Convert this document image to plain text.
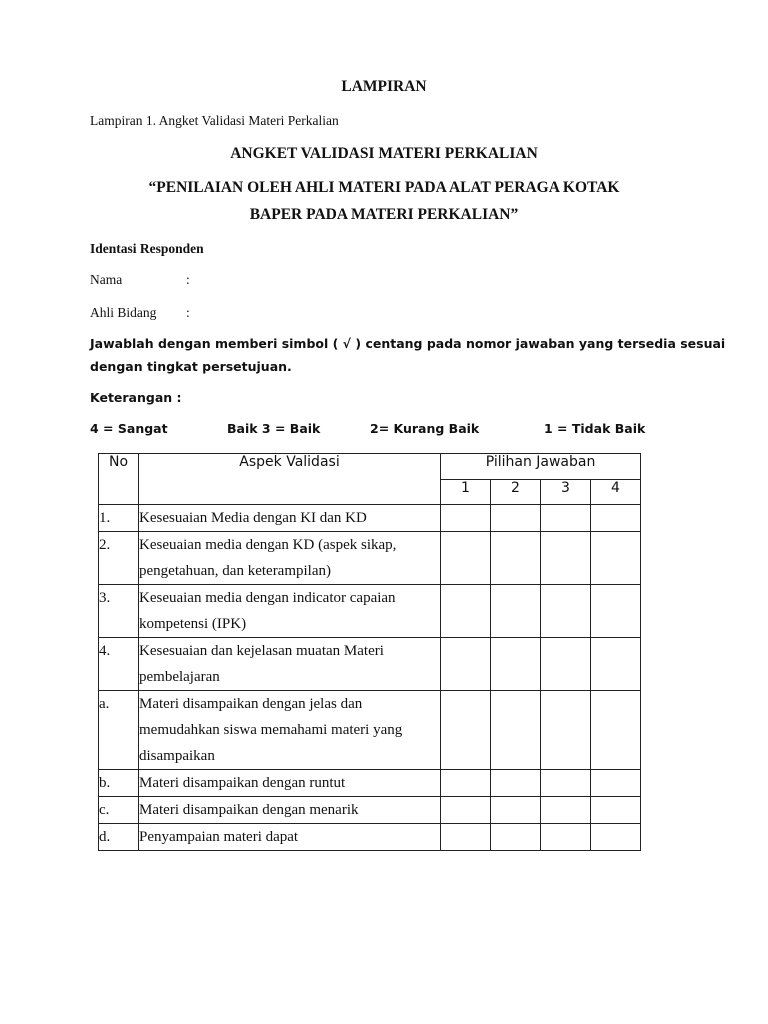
LAMPIRAN
Lampiran 1. Angket Validasi Materi Perkalian
ANGKET VALIDASI MATERI PERKALIAN
“PENILAIAN OLEH AHLI MATERI PADA ALAT PERAGA KOTAK
BAPER PADA MATERI PERKALIAN”
Identasi Responden
Nama	:
Ahli Bidang :
Jawablah dengan memberi simbol ( √ ) centang pada nomor jawaban yang tersedia sesuai
dengan tingkat persetujuan.
Keterangan :
4 = Sangat	Baik 3 = Baik	2= Kurang Baik	1 = Tidak Baik
No	Aspek Validasi	Pilihan Jawaban			
		1	2	3	4
1.	Kesesuaian Media dengan KI dan KD				
2.	Keseuaian media dengan KD (aspek sikap, pengetahuan, dan keterampilan)				
3.	Keseuaian media dengan indicator capaian kompetensi (IPK)				
4.	Kesesuaian dan kejelasan muatan Materi pembelajaran				
a.	Materi disampaikan dengan jelas dan memudahkan siswa memahami materi yang disampaikan				
b.	Materi disampaikan dengan runtut				
c.	Materi disampaikan dengan menarik				
d.	Penyampaian materi dapat				
